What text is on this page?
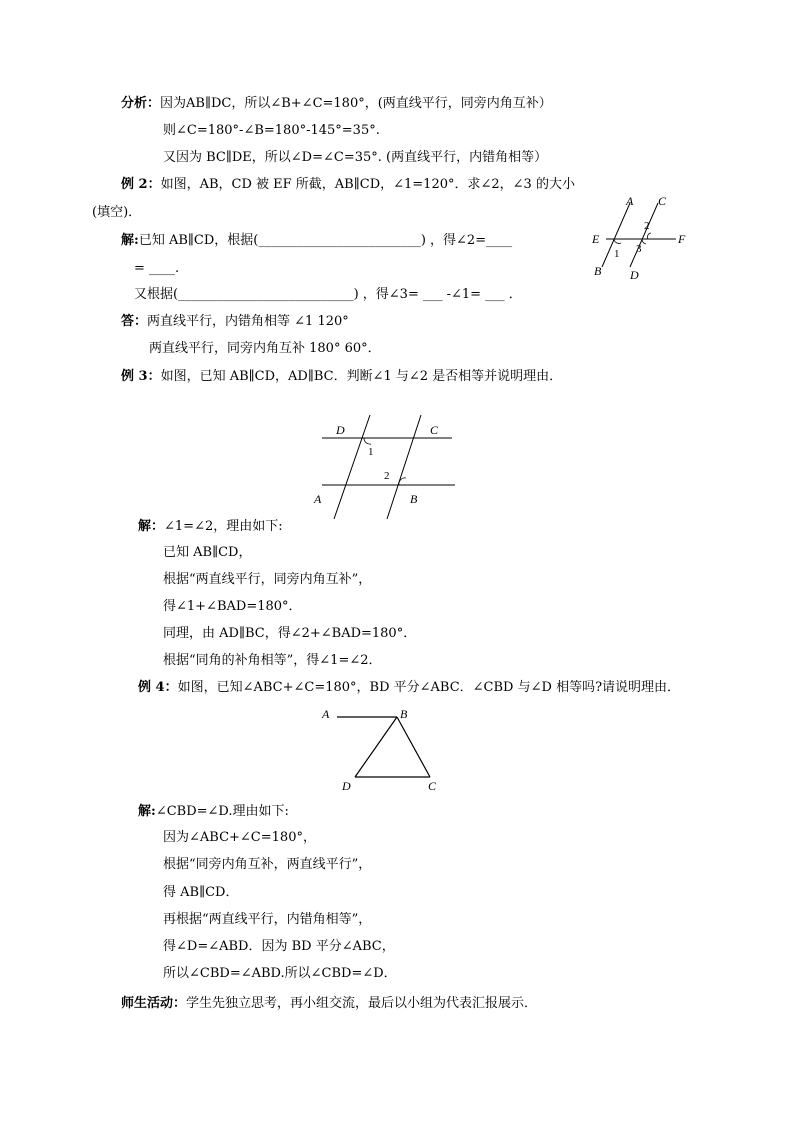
分析：因为AB∥DC，所以∠B+∠C=180°，(两直线平行，同旁内角互补）
则∠C=180°-∠B=180°-145°=35°.
又因为 BC∥DE，所以∠D=∠C=35°. (两直线平行，内错角相等）
例 2：如图，AB，CD 被 EF 所截，AB∥CD，∠1=120°．求∠2，∠3 的大小
(填空)．
解:已知 AB∥CD，根据(_________________________) ，得∠2=____
= ____.
又根据(___________________________) ，得∠3= ___ -∠1= ___ ．
答：两直线平行，内错角相等 ∠1 120°
两直线平行，同旁内角互补 180° 60°．
A C
E	F
B D
1
2
3
例 3：如图，已知 AB∥CD，AD∥BC．判断∠1 与∠2 是否相等并说明理由．
D	C
A	B
1
2
解：∠1=∠2，理由如下:
已知 AB∥CD，
根据“两直线平行，同旁内角互补”，
得∠1+∠BAD=180°．
同理，由 AD∥BC，得∠2+∠BAD=180°．
根据“同角的补角相等”，得∠1=∠2．
例 4：如图，已知∠ABC+∠C=180°，BD 平分∠ABC．∠CBD 与∠D 相等吗?请说明理由．
A	B
D	C
解:∠CBD=∠D.理由如下:
因为∠ABC+∠C=180°，
根据“同旁内角互补，两直线平行”，
得 AB∥CD．
再根据“两直线平行，内错角相等”，
得∠D=∠ABD．因为 BD 平分∠ABC，
所以∠CBD=∠ABD.所以∠CBD=∠D．
师生活动：学生先独立思考，再小组交流，最后以小组为代表汇报展示．
